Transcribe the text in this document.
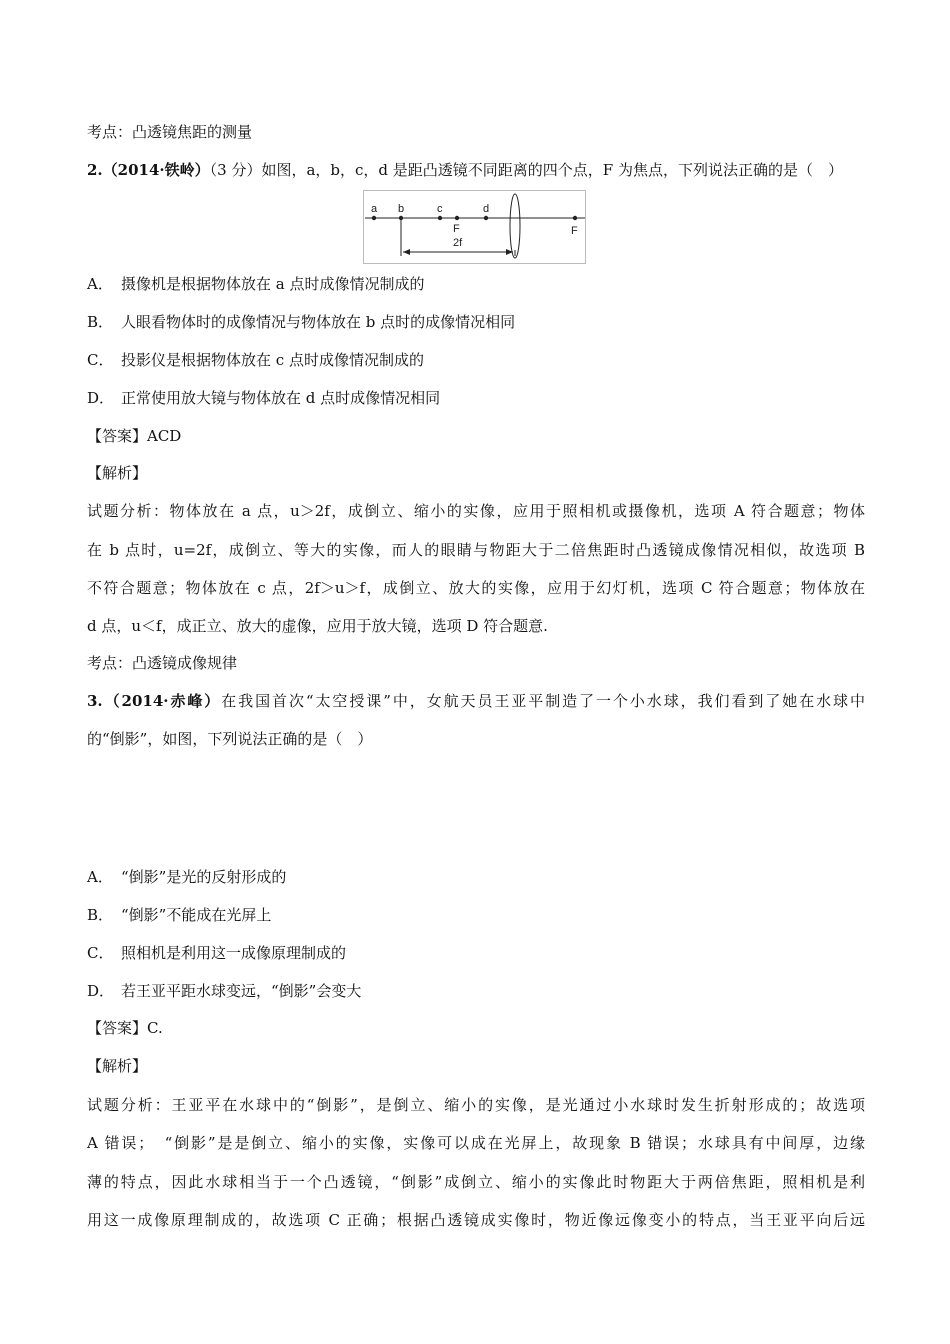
考点：凸透镜焦距的测量
2.（2014·铁岭）（3 分）如图，a，b，c，d 是距凸透镜不同距离的四个点，F 为焦点，下列说法正确的是（　）
a b	c	d
F	F
2f
A． 摄像机是根据物体放在 a 点时成像情况制成的
B． 人眼看物体时的成像情况与物体放在 b 点时的成像情况相同
C． 投影仪是根据物体放在 c 点时成像情况制成的
D． 正常使用放大镜与物体放在 d 点时成像情况相同
【答案】ACD
【解析】
试题分析：物体放在 a 点，u＞2f，成倒立、缩小的实像，应用于照相机或摄像机，选项 A 符合题意；物体
在 b 点时，u=2f，成倒立、等大的实像，而人的眼睛与物距大于二倍焦距时凸透镜成像情况相似，故选项 B
不符合题意；物体放在 c 点，2f＞u＞f，成倒立、放大的实像，应用于幻灯机，选项 C 符合题意；物体放在
d 点，u＜f，成正立、放大的虚像，应用于放大镜，选项 D 符合题意.
考点：凸透镜成像规律
3.（2014·赤峰）在我国首次“太空授课”中，女航天员王亚平制造了一个小水球，我们看到了她在水球中
的“倒影”，如图，下列说法正确的是（　）
A． “倒影”是光的反射形成的
B． “倒影”不能成在光屏上
C． 照相机是利用这一成像原理制成的
D． 若王亚平距水球变远，“倒影”会变大
【答案】C.
【解析】
试题分析：王亚平在水球中的“倒影”，是倒立、缩小的实像，是光通过小水球时发生折射形成的；故选项
A 错误；　“倒影”是是倒立、缩小的实像，实像可以成在光屏上，故现象 B 错误；水球具有中间厚，边缘
薄的特点，因此水球相当于一个凸透镜，“倒影”成倒立、缩小的实像此时物距大于两倍焦距，照相机是利
用这一成像原理制成的，故选项 C 正确；根据凸透镜成实像时，物近像远像变小的特点，当王亚平向后远
